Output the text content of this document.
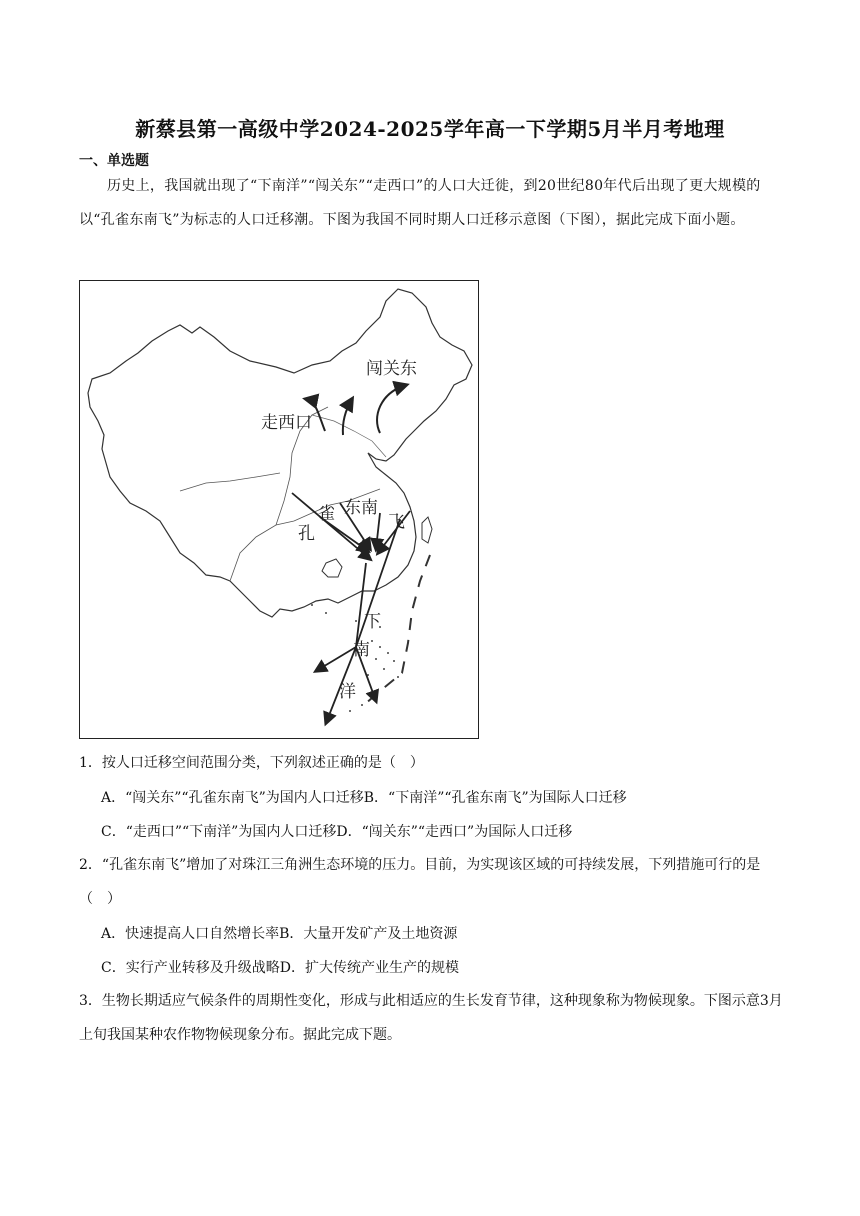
新蔡县第一高级中学2024-2025学年高一下学期5月半月考地理
一、单选题
历史上，我国就出现了“下南洋”“闯关东”“走西口”的人口大迁徙，到20世纪80年代后出现了更大规模的以“孔雀东南飞”为标志的人口迁移潮。下图为我国不同时期人口迁移示意图（下图），据此完成下面小题。
闯关东
走西口
孔
雀 东南
飞
下
南
洋
1．按人口迁移空间范围分类，下列叙述正确的是（　）
A．“闯关东”“孔雀东南飞”为国内人口迁移B．“下南洋”“孔雀东南飞”为国际人口迁移
C．“走西口”“下南洋”为国内人口迁移D．“闯关东”“走西口”为国际人口迁移
2．“孔雀东南飞”增加了对珠江三角洲生态环境的压力。目前，为实现该区域的可持续发展，下列措施可行的是（　）
A．快速提高人口自然增长率B．大量开发矿产及土地资源
C．实行产业转移及升级战略D．扩大传统产业生产的规模
3．生物长期适应气候条件的周期性变化，形成与此相适应的生长发育节律，这种现象称为物候现象。下图示意3月上旬我国某种农作物物候现象分布。据此完成下题。
